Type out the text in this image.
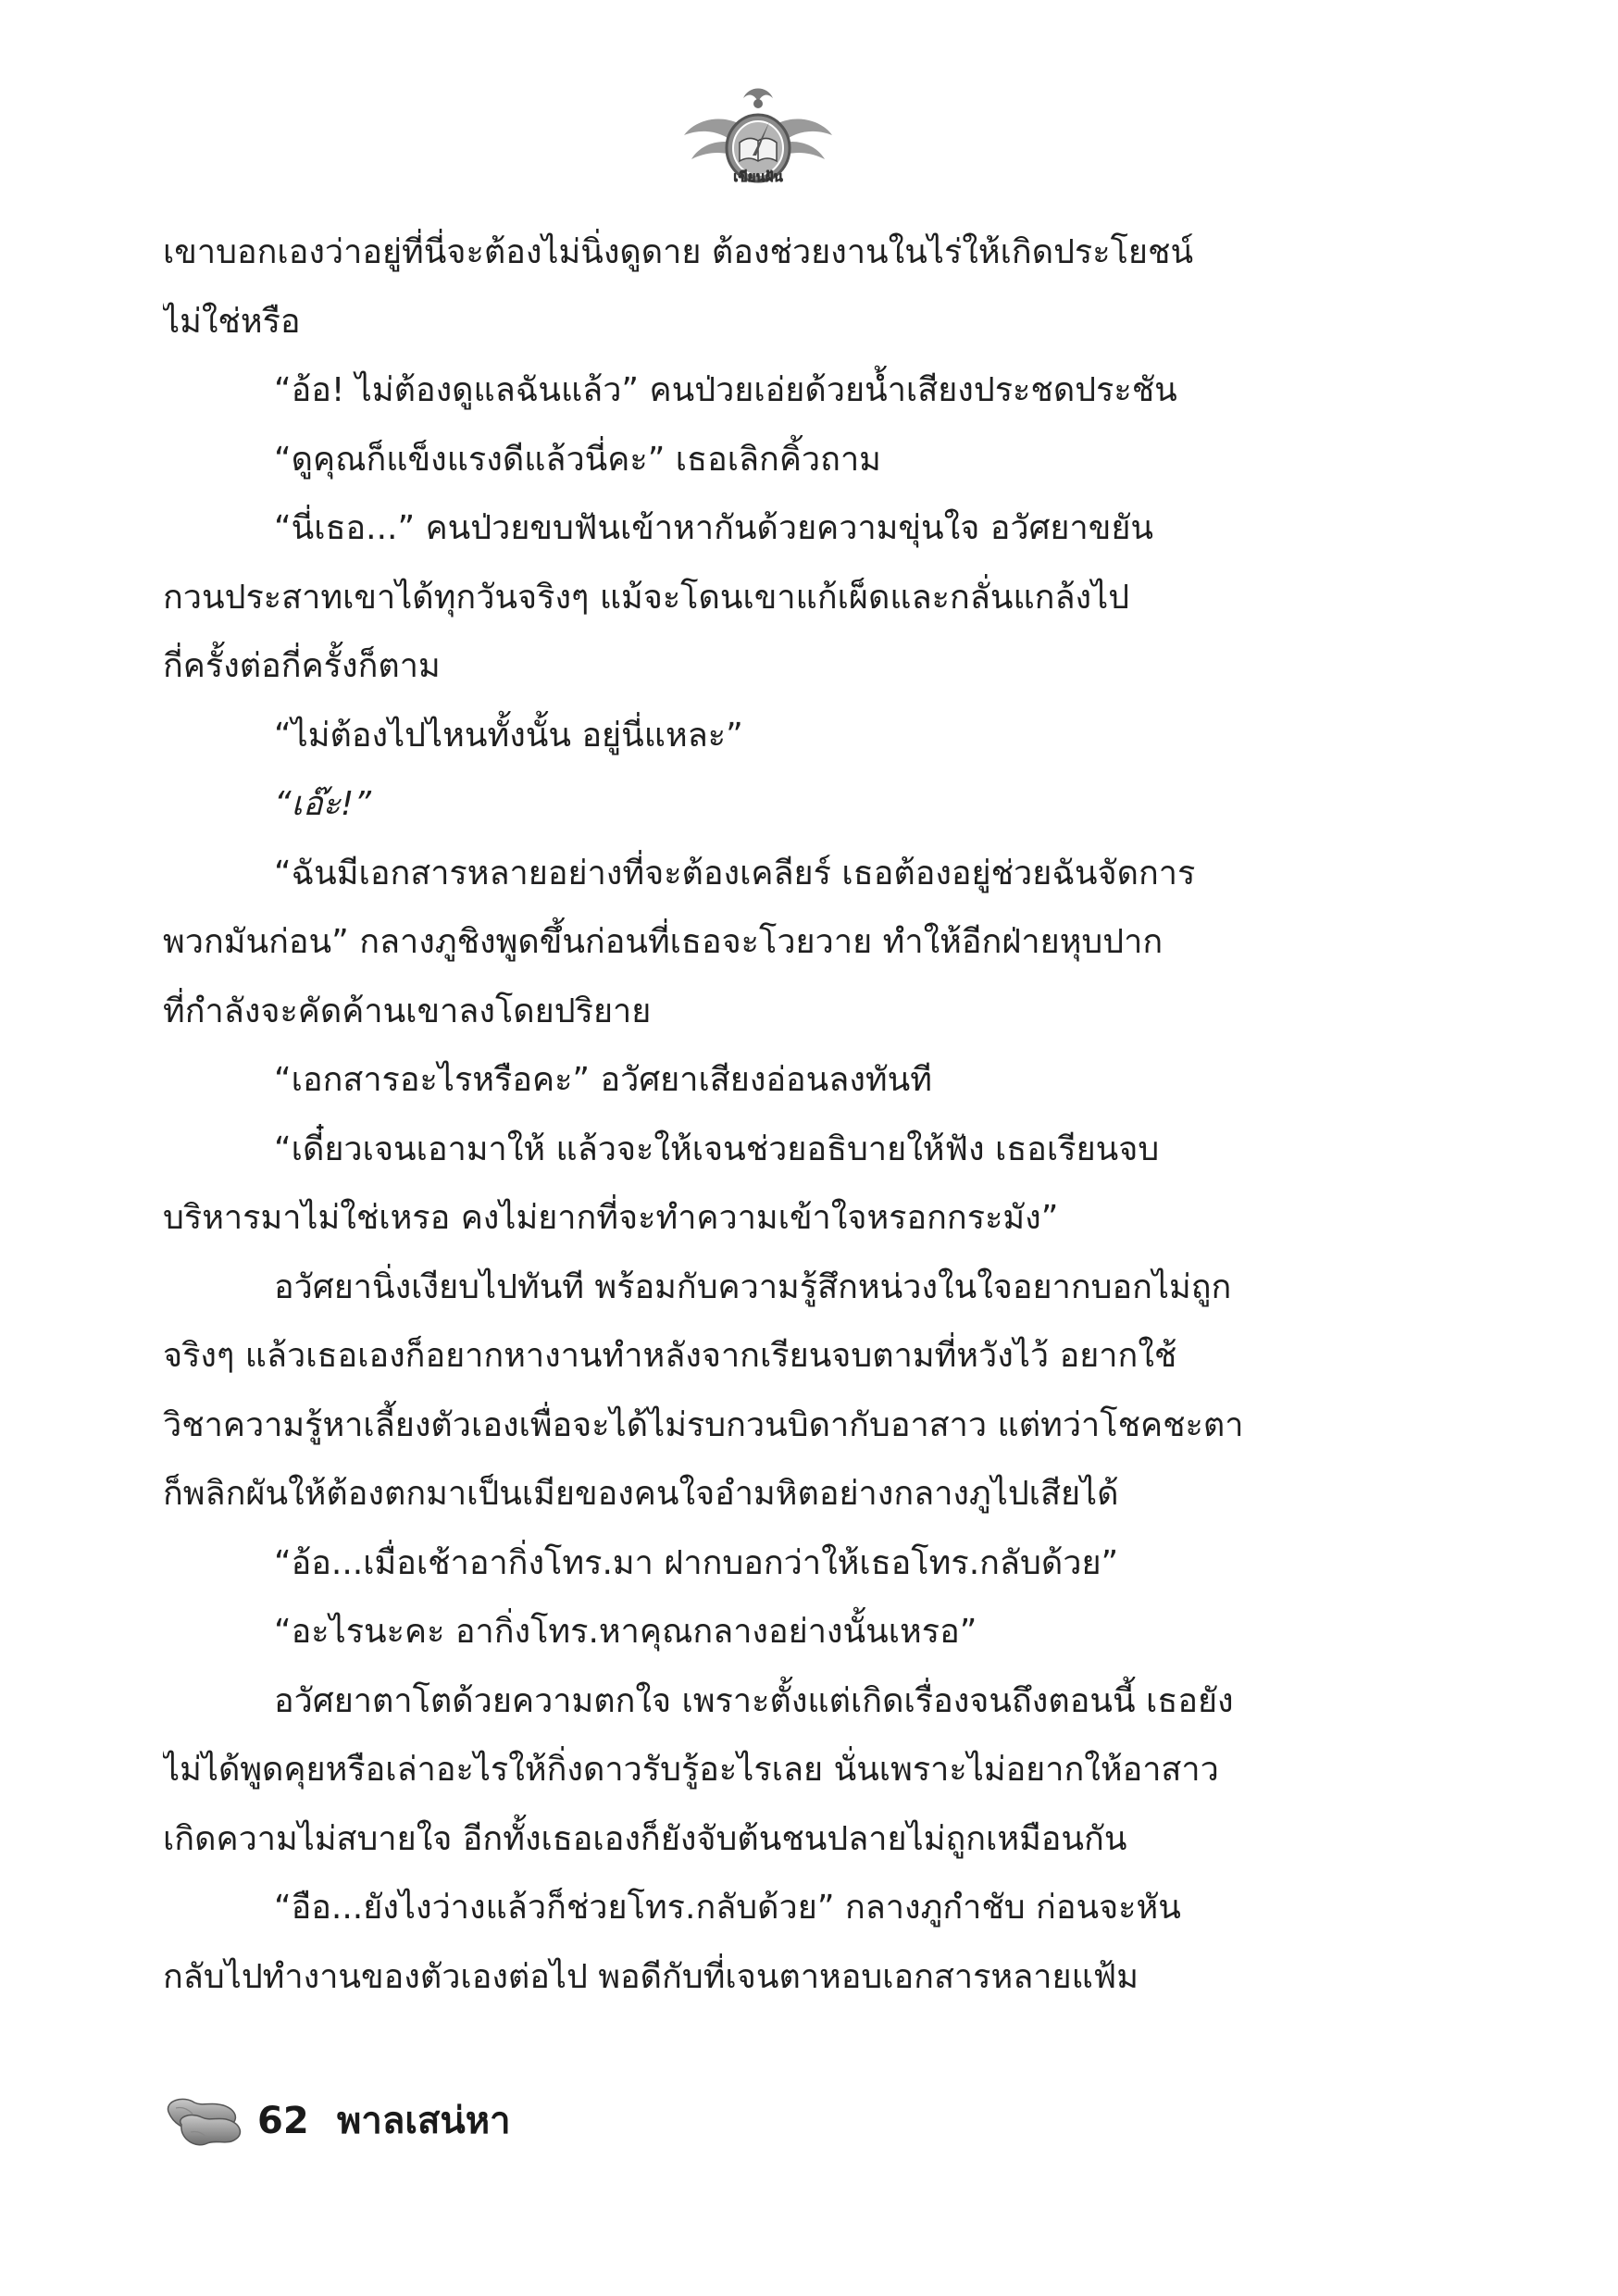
เขียนฝัน
เขาบอกเองว่าอยู่ที่นี่จะต้องไม่นิ่งดูดาย ต้องช่วยงานในไร่ให้เกิดประโยชน์
ไม่ใช่หรือ
“อ้อ! ไม่ต้องดูแลฉันแล้ว” คนป่วยเอ่ยด้วยน้ำเสียงประชดประชัน
“ดูคุณก็แข็งแรงดีแล้วนี่คะ” เธอเลิกคิ้วถาม
“นี่เธอ...” คนป่วยขบฟันเข้าหากันด้วยความขุ่นใจ อวัศยาขยัน
กวนประสาทเขาได้ทุกวันจริงๆ แม้จะโดนเขาแก้เผ็ดและกลั่นแกล้งไป
กี่ครั้งต่อกี่ครั้งก็ตาม
“ไม่ต้องไปไหนทั้งนั้น อยู่นี่แหละ”
“เอ๊ะ!”
“ฉันมีเอกสารหลายอย่างที่จะต้องเคลียร์ เธอต้องอยู่ช่วยฉันจัดการ
พวกมันก่อน” กลางภูชิงพูดขึ้นก่อนที่เธอจะโวยวาย ทำให้อีกฝ่ายหุบปาก
ที่กำลังจะคัดค้านเขาลงโดยปริยาย
“เอกสารอะไรหรือคะ” อวัศยาเสียงอ่อนลงทันที
“เดี๋ยวเจนเอามาให้ แล้วจะให้เจนช่วยอธิบายให้ฟัง เธอเรียนจบ
บริหารมาไม่ใช่เหรอ คงไม่ยากที่จะทำความเข้าใจหรอกกระมัง”
อวัศยานิ่งเงียบไปทันที พร้อมกับความรู้สึกหน่วงในใจอยากบอกไม่ถูก
จริงๆ แล้วเธอเองก็อยากหางานทำหลังจากเรียนจบตามที่หวังไว้ อยากใช้
วิชาความรู้หาเลี้ยงตัวเองเพื่อจะได้ไม่รบกวนบิดากับอาสาว แต่ทว่าโชคชะตา
ก็พลิกผันให้ต้องตกมาเป็นเมียของคนใจอำมหิตอย่างกลางภูไปเสียได้
“อ้อ...เมื่อเช้าอากิ่งโทร.มา ฝากบอกว่าให้เธอโทร.กลับด้วย”
“อะไรนะคะ อากิ่งโทร.หาคุณกลางอย่างนั้นเหรอ”
อวัศยาตาโตด้วยความตกใจ เพราะตั้งแต่เกิดเรื่องจนถึงตอนนี้ เธอยัง
ไม่ได้พูดคุยหรือเล่าอะไรให้กิ่งดาวรับรู้อะไรเลย นั่นเพราะไม่อยากให้อาสาว
เกิดความไม่สบายใจ อีกทั้งเธอเองก็ยังจับต้นชนปลายไม่ถูกเหมือนกัน
“อือ...ยังไงว่างแล้วก็ช่วยโทร.กลับด้วย” กลางภูกำชับ ก่อนจะหัน
กลับไปทำงานของตัวเองต่อไป พอดีกับที่เจนตาหอบเอกสารหลายแฟ้ม
62 พาลเสน่หา
